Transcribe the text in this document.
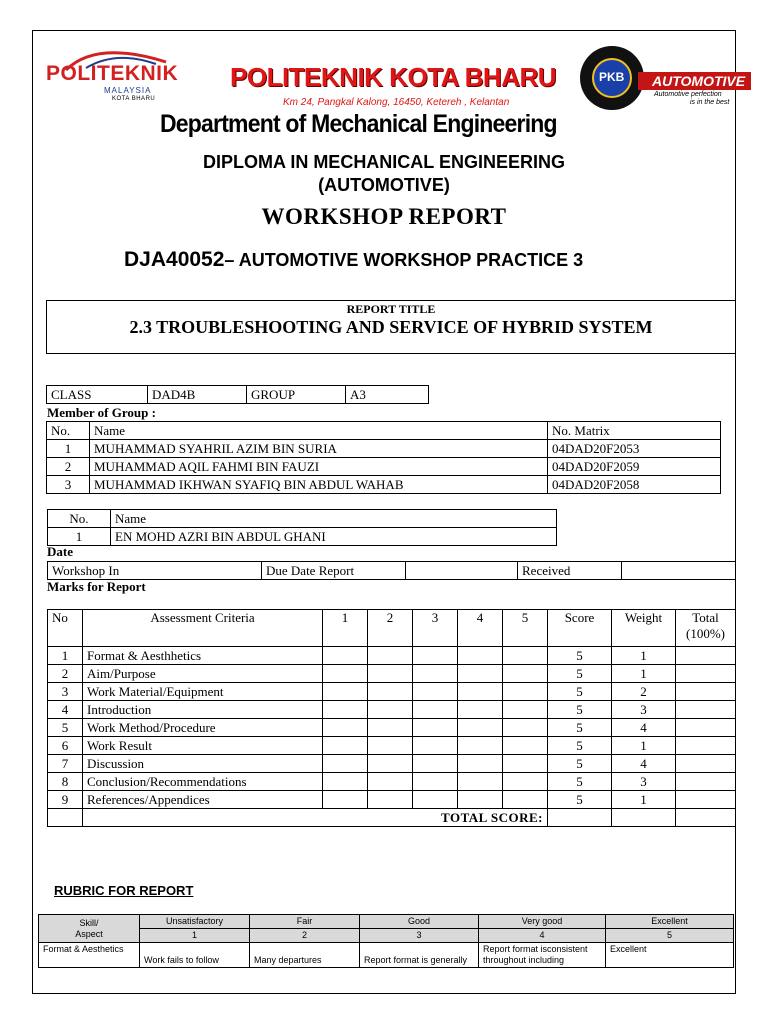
POLITEKNIK
MALAYSIA
KOTA BHARU
POLITEKNIK KOTA BHARU
Km 24, Pangkal Kalong, 16450, Ketereh , Kelantan
PKB	AUTOMOTIVE
Automotive perfection
is in the best
Department of Mechanical Engineering
DIPLOMA IN MECHANICAL ENGINEERING
(AUTOMOTIVE)
WORKSHOP REPORT
DJA40052– AUTOMOTIVE WORKSHOP PRACTICE 3
REPORT TITLE
2.3 TROUBLESHOOTING AND SERVICE OF HYBRID SYSTEM
CLASS	DAD4B	GROUP	A3
Member of Group :
No.	Name	No. Matrix
1	MUHAMMAD SYAHRIL AZIM BIN SURIA	04DAD20F2053
2	MUHAMMAD AQIL FAHMI BIN FAUZI	04DAD20F2059
3	MUHAMMAD IKHWAN SYAFIQ BIN ABDUL WAHAB	04DAD20F2058
No.	Name
1	EN MOHD AZRI BIN ABDUL GHANI
Date
Workshop In	Due Date Report		Received	
Marks for Report
No	Assessment Criteria	1	2	3	4	5	Score	Weight	Total
(100%)
1	Format & Aesthhetics						5	1	
2	Aim/Purpose						5	1	
3	Work Material/Equipment						5	2	
4	Introduction						5	3	
5	Work Method/Procedure						5	4	
6	Work Result						5	1	
7	Discussion						5	4	
8	Conclusion/Recommendations						5	3	
9	References/Appendices						5	1	
	TOTAL SCORE:								
RUBRIC FOR REPORT
Skill/
Aspect	Unsatisfactory	Fair	Good	Very good	Excellent
	1	2	3	4	5
Format & Aesthetics	Work fails to follow	Many departures	Report format is generally	Report format isconsistent throughout including	Excellent
